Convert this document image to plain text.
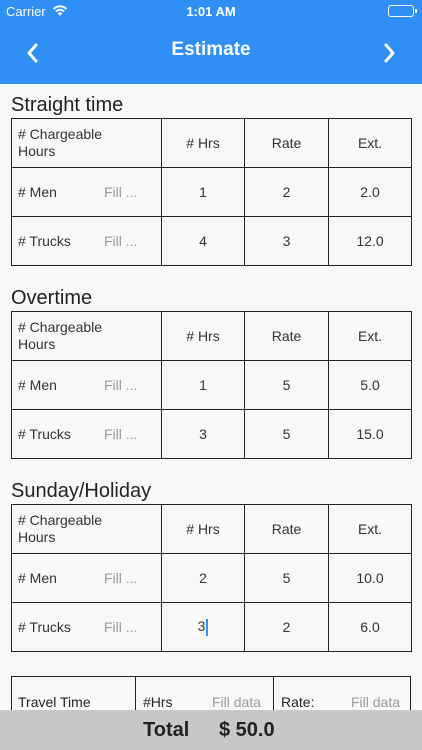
Carrier	1:01 AM
Estimate
Straight time
# Chargeable
Hours	# Hrs	Rate	Ext.
# Men Fill ...	1	2	2.0
# Trucks Fill ...	4	3	12.0
Overtime
# Chargeable
Hours	# Hrs	Rate	Ext.
# Men Fill ...	1	5	5.0
# Trucks Fill ...	3	5	15.0
Sunday/Holiday
# Chargeable
Hours	# Hrs	Rate	Ext.
# Men Fill ...	2	5	10.0
# Trucks Fill ...	3	2	6.0
Travel Time	#Hrs	Fill data	Rate:	Fill data
Total $ 50.0
